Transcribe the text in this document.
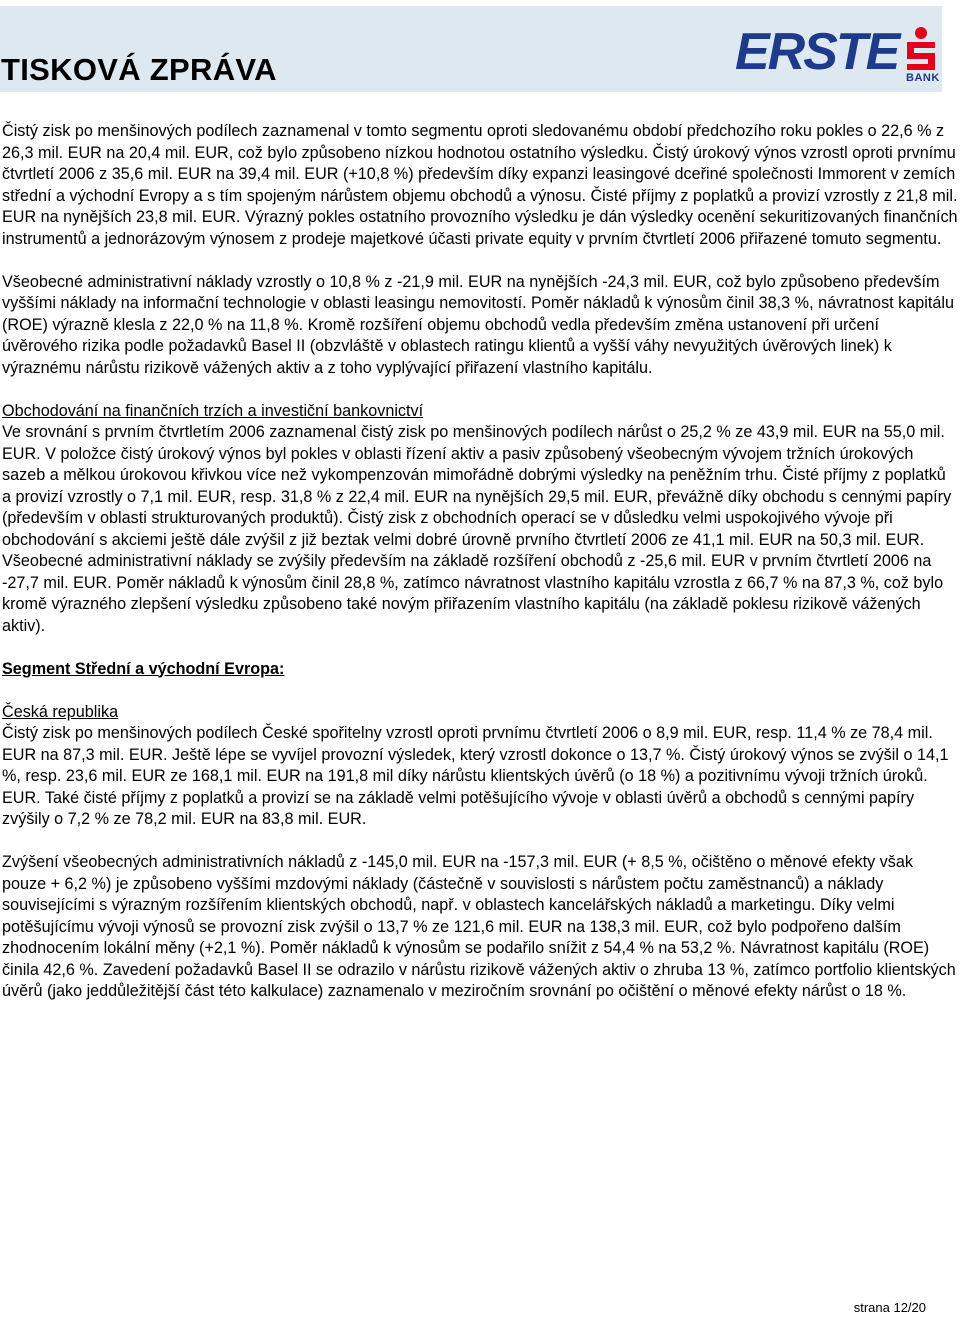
TISKOVÁ ZPRÁVA	ERSTE BANK

Čistý zisk po menšinových podílech zaznamenal v tomto segmentu oproti sledovanému období předchozího roku pokles o 22,6 % z 26,3 mil. EUR na 20,4 mil. EUR, což bylo způsobeno nízkou hodnotou ostatního výsledku. Čistý úrokový výnos vzrostl oproti prvnímu čtvrtletí 2006 z 35,6 mil. EUR na 39,4 mil. EUR (+10,8 %) především díky expanzi leasingové dceřiné společnosti Immorent v zemích střední a východní Evropy a s tím spojeným nárůstem objemu obchodů a výnosu. Čisté příjmy z poplatků a provizí vzrostly z 21,8 mil. EUR na nynějších 23,8 mil. EUR. Výrazný pokles ostatního provozního výsledku je dán výsledky ocenění sekuritizovaných finančních instrumentů a jednorázovým výnosem z prodeje majetkové účasti private equity v prvním čtvrtletí 2006 přiřazené tomuto segmentu.

Všeobecné administrativní náklady vzrostly o 10,8 % z -21,9 mil. EUR na nynějších -24,3 mil. EUR, což bylo způsobeno především vyššími náklady na informační technologie v oblasti leasingu nemovitostí. Poměr nákladů k výnosům činil 38,3 %, návratnost kapitálu (ROE) výrazně klesla z 22,0 % na 11,8 %. Kromě rozšíření objemu obchodů vedla především změna ustanovení při určení úvěrového rizika podle požadavků Basel II (obzvláště v oblastech ratingu klientů a vyšší váhy nevyužitých úvěrových linek) k výraznému nárůstu rizikově vážených aktiv a z toho vyplývající přiřazení vlastního kapitálu.

Obchodování na finančních trzích a investiční bankovnictví

Ve srovnání s prvním čtvrtletím 2006 zaznamenal čistý zisk po menšinových podílech nárůst o 25,2 % ze 43,9 mil. EUR na 55,0 mil. EUR. V položce čistý úrokový výnos byl pokles v oblasti řízení aktiv a pasiv způsobený všeobecným vývojem tržních úrokových sazeb a mělkou úrokovou křivkou více než vykompenzován mimořádně dobrými výsledky na peněžním trhu. Čisté příjmy z poplatků a provizí vzrostly o 7,1 mil. EUR, resp. 31,8 % z 22,4 mil. EUR na nynějších 29,5 mil. EUR, převážně díky obchodu s cennými papíry (především v oblasti strukturovaných produktů). Čistý zisk z obchodních operací se v důsledku velmi uspokojivého vývoje při obchodování s akciemi ještě dále zvýšil z již beztak velmi dobré úrovně prvního čtvrtletí 2006 ze 41,1 mil. EUR na 50,3 mil. EUR. Všeobecné administrativní náklady se zvýšily především na základě rozšíření obchodů z -25,6 mil. EUR v prvním čtvrtletí 2006 na -27,7 mil. EUR. Poměr nákladů k výnosům činil 28,8 %, zatímco návratnost vlastního kapitálu vzrostla z 66,7 % na 87,3 %, což bylo kromě výrazného zlepšení výsledku způsobeno také novým přiřazením vlastního kapitálu (na základě poklesu rizikově vážených aktiv).

Segment Střední a východní Evropa:

Česká republika

Čistý zisk po menšinových podílech České spořitelny vzrostl oproti prvnímu čtvrtletí 2006 o 8,9 mil. EUR, resp. 11,4 % ze 78,4 mil. EUR na 87,3 mil. EUR. Ještě lépe se vyvíjel provozní výsledek, který vzrostl dokonce o 13,7 %. Čistý úrokový výnos se zvýšil o 14,1 %, resp. 23,6 mil. EUR ze 168,1 mil. EUR na 191,8 mil díky nárůstu klientských úvěrů (o 18 %) a pozitivnímu vývoji tržních úroků. EUR. Také čisté příjmy z poplatků a provizí se na základě velmi potěšujícího vývoje v oblasti úvěrů a obchodů s cennými papíry zvýšily o 7,2 % ze 78,2 mil. EUR na 83,8 mil. EUR.

Zvýšení všeobecných administrativních nákladů z -145,0 mil. EUR na -157,3 mil. EUR (+ 8,5 %, očištěno o měnové efekty však pouze + 6,2 %) je způsobeno vyššími mzdovými náklady (částečně v souvislosti s nárůstem počtu zaměstnanců) a náklady souvisejícími s výrazným rozšířením klientských obchodů, např. v oblastech kancelářských nákladů a marketingu. Díky velmi potěšujícímu vývoji výnosů se provozní zisk zvýšil o 13,7 % ze 121,6 mil. EUR na 138,3 mil. EUR, což bylo podpořeno dalším zhodnocením lokální měny (+2,1 %). Poměr nákladů k výnosům se podařilo snížit z 54,4 % na 53,2 %. Návratnost kapitálu (ROE) činila 42,6 %. Zavedení požadavků Basel II se odrazilo v nárůstu rizikově vážených aktiv o zhruba 13 %, zatímco portfolio klientských úvěrů (jako jeddůležitější část této kalkulace) zaznamenalo v meziročním srovnání po očištění o měnové efekty nárůst o 18 %.

strana 12/20
